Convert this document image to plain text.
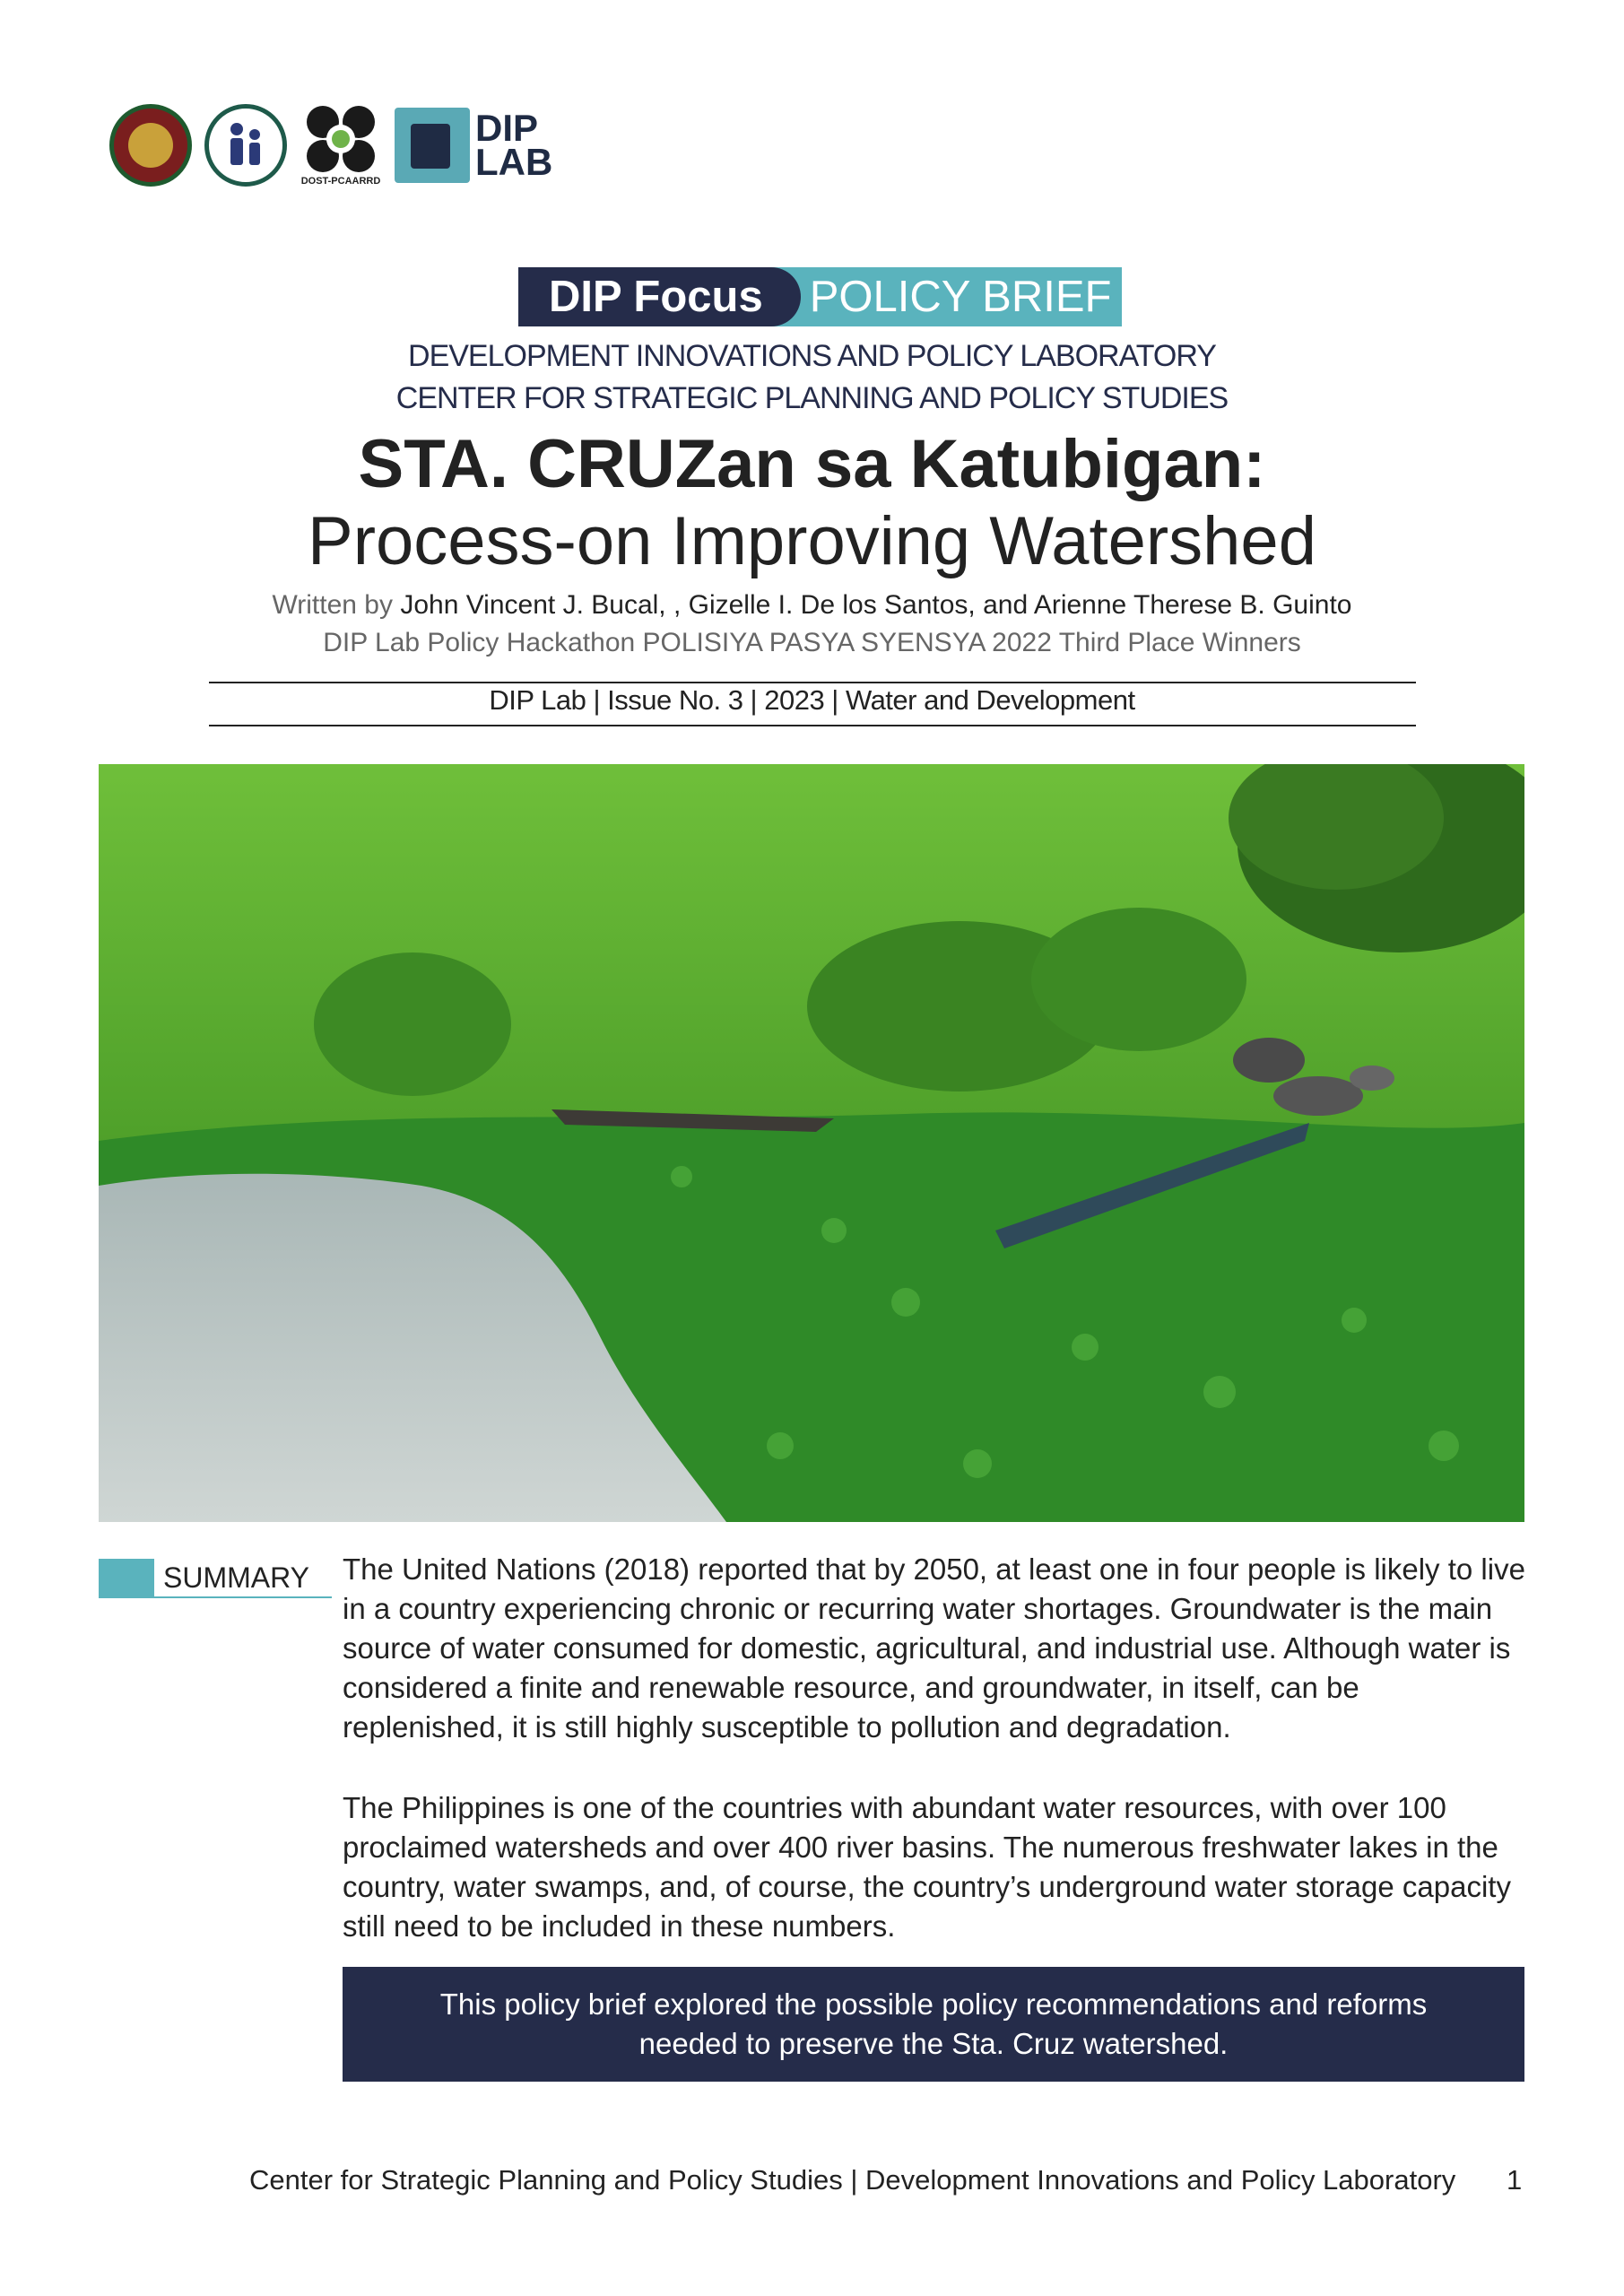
DOST-PCAARRD
DIP
LAB
DIP Focus	POLICY BRIEF
DEVELOPMENT INNOVATIONS AND POLICY LABORATORY
CENTER FOR STRATEGIC PLANNING AND POLICY STUDIES
STA. CRUZan sa Katubigan:
Process-on Improving Watershed
Written by John Vincent J. Bucal, , Gizelle I. De los Santos, and Arienne Therese B. Guinto
DIP Lab Policy Hackathon POLISIYA PASYA SYENSYA 2022 Third Place Winners
DIP Lab | Issue No. 3 | 2023 | Water and Development
SUMMARY The United Nations (2018) reported that by 2050, at least one in four people is likely to live in a country experiencing chronic or recurring water shortages. Groundwater is the main source of water consumed for domestic, agricultural, and industrial use. Although water is considered a finite and renewable resource, and groundwater, in itself, can be replenished, it is still highly susceptible to pollution and degradation.
The Philippines is one of the countries with abundant water resources, with over 100 proclaimed watersheds and over 400 river basins. The numerous freshwater lakes in the country, water swamps, and, of course, the country’s underground water storage capacity still need to be included in these numbers.
This policy brief explored the possible policy recommendations and reforms needed to preserve the Sta. Cruz watershed.
Center for Strategic Planning and Policy Studies | Development Innovations and Policy Laboratory 1
